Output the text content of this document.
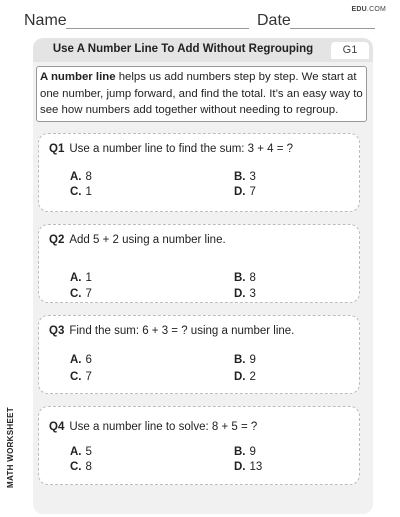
Name	Date
EDU.COM
Use A Number Line To Add Without Regrouping	G1
A number line helps us add numbers step by step. We start at one number, jump forward, and find the total. It’s an easy way to see how numbers add together without needing to regroup.
Q1 Use a number line to find the sum: 3 + 4 = ?
A. 8	B. 3
C. 1	D. 7
Q2 Add 5 + 2 using a number line.
A. 1	B. 8
C. 7	D. 3
Q3 Find the sum: 6 + 3 = ? using a number line.
A. 6	B. 9
C. 7	D. 2
Q4 Use a number line to solve: 8 + 5 = ?
A. 5	B. 9
C. 8	D. 13
MATH WORKSHEET
